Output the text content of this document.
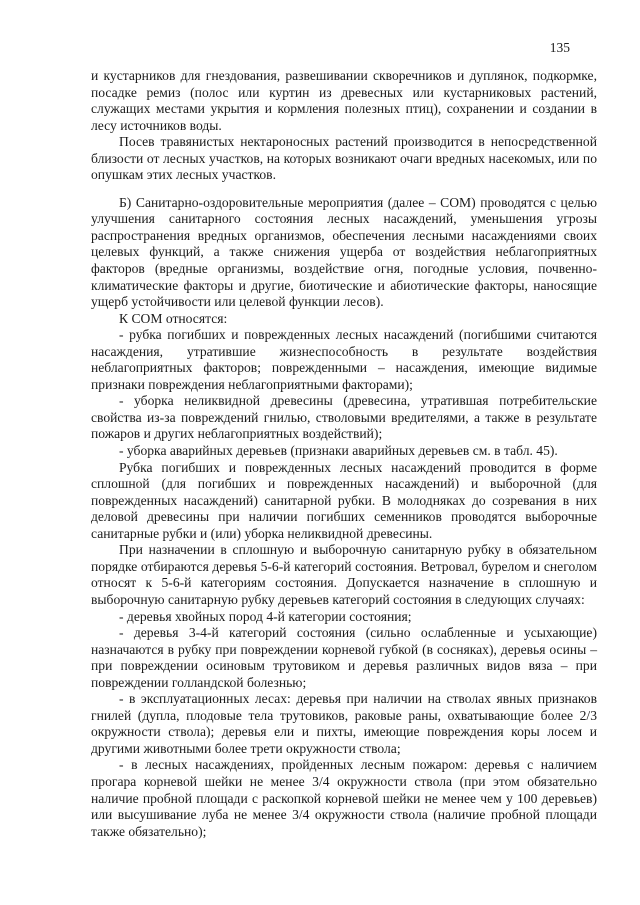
135

и кустарников для гнездования, развешивании скворечников и дуплянок, подкормке, посадке ремиз (полос или куртин из древесных или кустарниковых растений, служащих местами укрытия и кормления полезных птиц), сохранении и создании в лесу источников воды.

Посев травянистых нектароносных растений производится в непосредственной близости от лесных участков, на которых возникают очаги вредных насекомых, или по опушкам этих лесных участков.

Б) Санитарно-оздоровительные мероприятия (далее – СОМ) проводятся с целью улучшения санитарного состояния лесных насаждений, уменьшения угрозы распространения вредных организмов, обеспечения лесными насаждениями своих целевых функций, а также снижения ущерба от воздействия неблагоприятных факторов (вредные организмы, воздействие огня, погодные условия, почвенно-климатические факторы и другие, биотические и абиотические факторы, наносящие ущерб устойчивости или целевой функции лесов).

К СОМ относятся:

- рубка погибших и поврежденных лесных насаждений (погибшими считаются насаждения, утратившие жизнеспособность в результате воздействия неблагоприятных факторов; поврежденными – насаждения, имеющие видимые признаки повреждения неблагоприятными факторами);

- уборка неликвидной древесины (древесина, утратившая потребительские свойства из-за повреждений гнилью, стволовыми вредителями, а также в результате пожаров и других неблагоприятных воздействий);

- уборка аварийных деревьев (признаки аварийных деревьев см. в табл. 45).

Рубка погибших и поврежденных лесных насаждений проводится в форме сплошной (для погибших и поврежденных насаждений) и выборочной (для поврежденных насаждений) санитарной рубки. В молодняках до созревания в них деловой древесины при наличии погибших семенников проводятся выборочные санитарные рубки и (или) уборка неликвидной древесины.

При назначении в сплошную и выборочную санитарную рубку в обязательном порядке отбираются деревья 5-6-й категорий состояния. Ветровал, бурелом и снеголом относят к 5-6-й категориям состояния. Допускается назначение в сплошную и выборочную санитарную рубку деревьев категорий состояния в следующих случаях:

- деревья хвойных пород 4-й категории состояния;

- деревья 3-4-й категорий состояния (сильно ослабленные и усыхающие) назначаются в рубку при повреждении корневой губкой (в сосняках), деревья осины – при повреждении осиновым трутовиком и деревья различных видов вяза – при повреждении голландской болезнью;

- в эксплуатационных лесах: деревья при наличии на стволах явных признаков гнилей (дупла, плодовые тела трутовиков, раковые раны, охватывающие более 2/3 окружности ствола); деревья ели и пихты, имеющие повреждения коры лосем и другими животными более трети окружности ствола;

- в лесных насаждениях, пройденных лесным пожаром: деревья с наличием прогара корневой шейки не менее 3/4 окружности ствола (при этом обязательно наличие пробной площади с раскопкой корневой шейки не менее чем у 100 деревьев) или высушивание луба не менее 3/4 окружности ствола (наличие пробной площади также обязательно);
